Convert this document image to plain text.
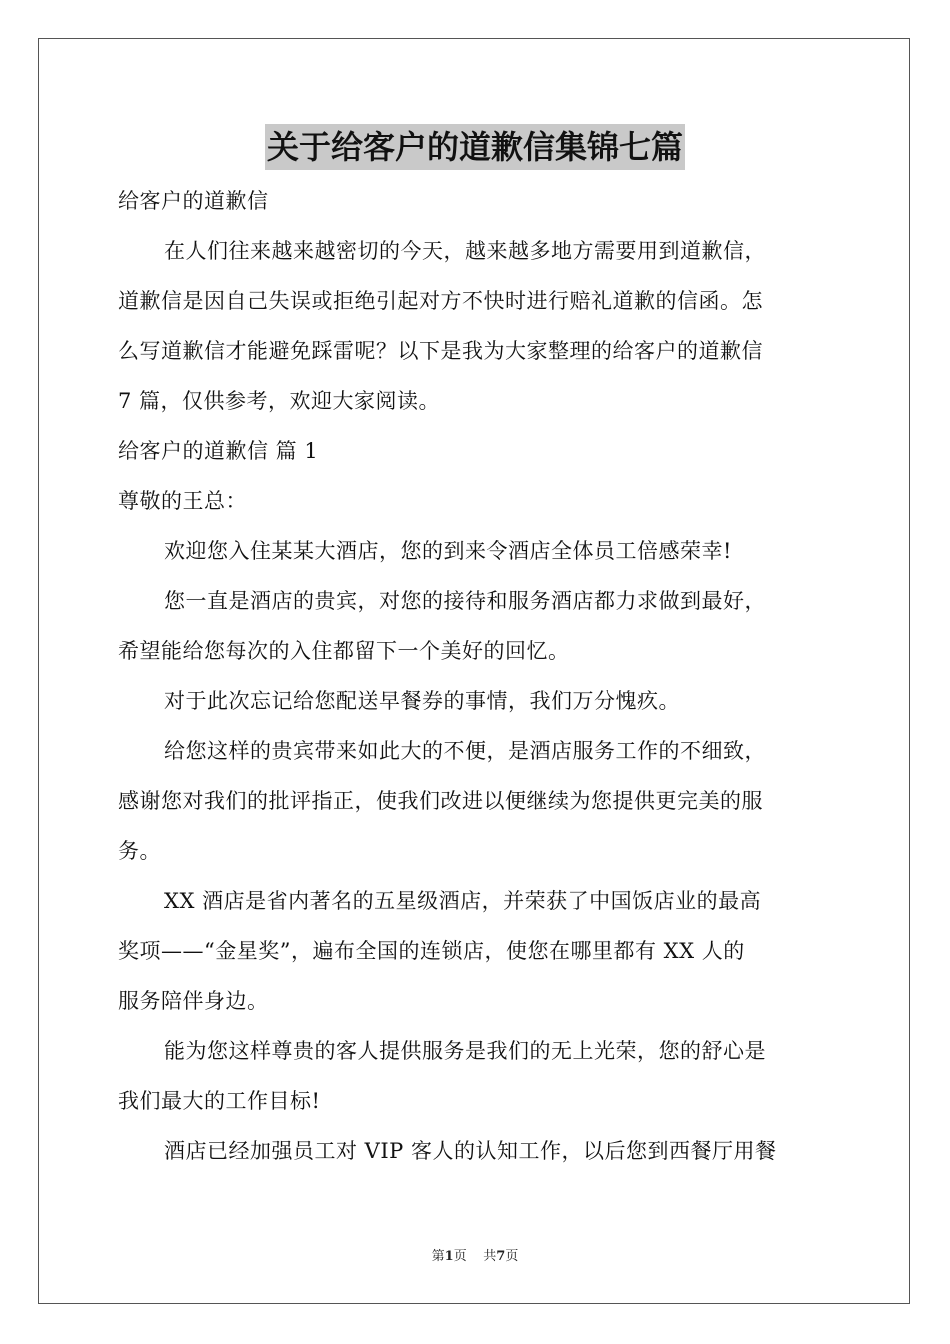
关于给客户的道歉信集锦七篇
给客户的道歉信
在人们往来越来越密切的今天，越来越多地方需要用到道歉信，
道歉信是因自己失误或拒绝引起对方不快时进行赔礼道歉的信函。怎
么写道歉信才能避免踩雷呢？以下是我为大家整理的给客户的道歉信
7 篇，仅供参考，欢迎大家阅读。
给客户的道歉信 篇 1
尊敬的王总：
欢迎您入住某某大酒店，您的到来令酒店全体员工倍感荣幸!
您一直是酒店的贵宾，对您的接待和服务酒店都力求做到最好，
希望能给您每次的入住都留下一个美好的回忆。
对于此次忘记给您配送早餐券的事情，我们万分愧疚。
给您这样的贵宾带来如此大的不便，是酒店服务工作的不细致，
感谢您对我们的批评指正，使我们改进以便继续为您提供更完美的服
务。
XX 酒店是省内著名的五星级酒店，并荣获了中国饭店业的最高
奖项——“金星奖”，遍布全国的连锁店，使您在哪里都有 XX 人的
服务陪伴身边。
能为您这样尊贵的客人提供服务是我们的无上光荣，您的舒心是
我们最大的工作目标!
酒店已经加强员工对 VIP 客人的认知工作，以后您到西餐厅用餐
第1页 共7页
